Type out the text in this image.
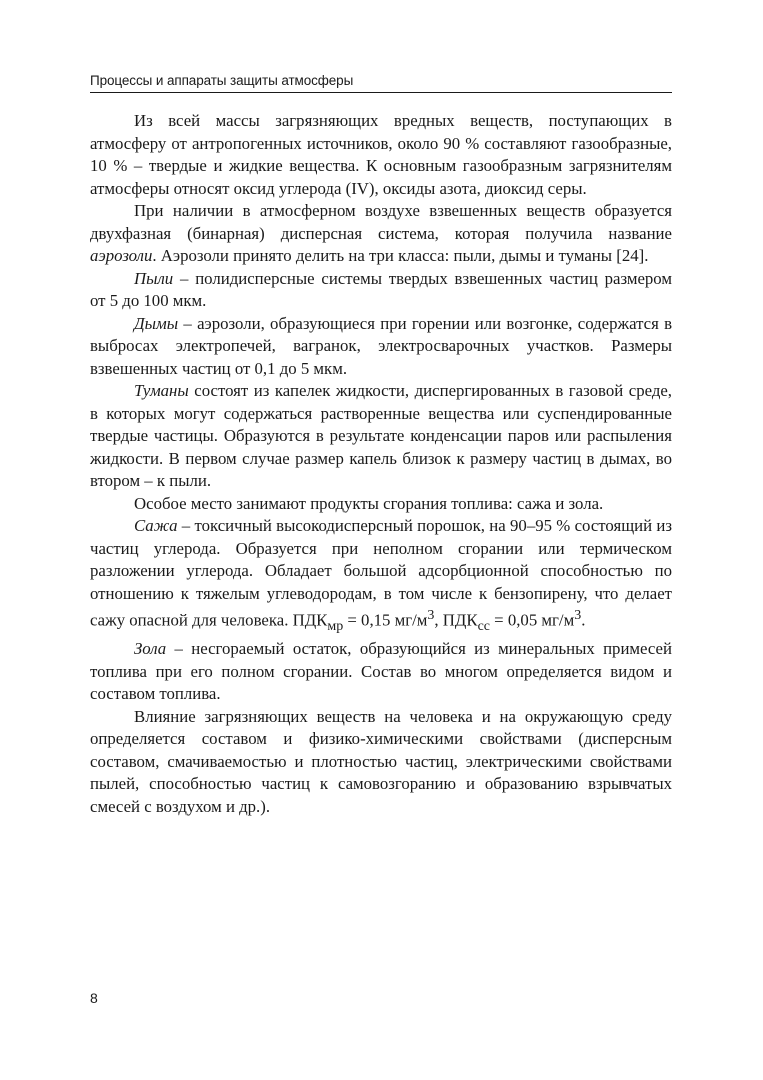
Процессы и аппараты защиты атмосферы

Из всей массы загрязняющих вредных веществ, поступающих в атмосферу от антропогенных источников, около 90 % составляют газообразные, 10 % – твердые и жидкие вещества. К основным газообразным загрязнителям атмосферы относят оксид углерода (IV), оксиды азота, диоксид серы.

При наличии в атмосферном воздухе взвешенных веществ образуется двухфазная (бинарная) дисперсная система, которая получила название аэрозоли. Аэрозоли принято делить на три класса: пыли, дымы и туманы [24].

Пыли – полидисперсные системы твердых взвешенных частиц размером от 5 до 100 мкм.

Дымы – аэрозоли, образующиеся при горении или возгонке, содержатся в выбросах электропечей, вагранок, электросварочных участков. Размеры взвешенных частиц от 0,1 до 5 мкм.

Туманы состоят из капелек жидкости, диспергированных в газовой среде, в которых могут содержаться растворенные вещества или суспендированные твердые частицы. Образуются в результате конденсации паров или распыления жидкости. В первом случае размер капель близок к размеру частиц в дымах, во втором – к пыли.

Особое место занимают продукты сгорания топлива: сажа и зола.

Сажа – токсичный высокодисперсный порошок, на 90–95 % состоящий из частиц углерода. Образуется при неполном сгорании или термическом разложении углерода. Обладает большой адсорбционной способностью по отношению к тяжелым углеводородам, в том числе к бензопирену, что делает сажу опасной для человека. $ПДК_{мр} = 0,15$ $мг/м^3$, $ПДК_{сс} = 0,05$ $мг/м^3$.

Зола – несгораемый остаток, образующийся из минеральных примесей топлива при его полном сгорании. Состав во многом определяется видом и составом топлива.

Влияние загрязняющих веществ на человека и на окружающую среду определяется составом и физико-химическими свойствами (дисперсным составом, смачиваемостью и плотностью частиц, электрическими свойствами пылей, способностью частиц к самовозгоранию и образованию взрывчатых смесей с воздухом и др.).

8
